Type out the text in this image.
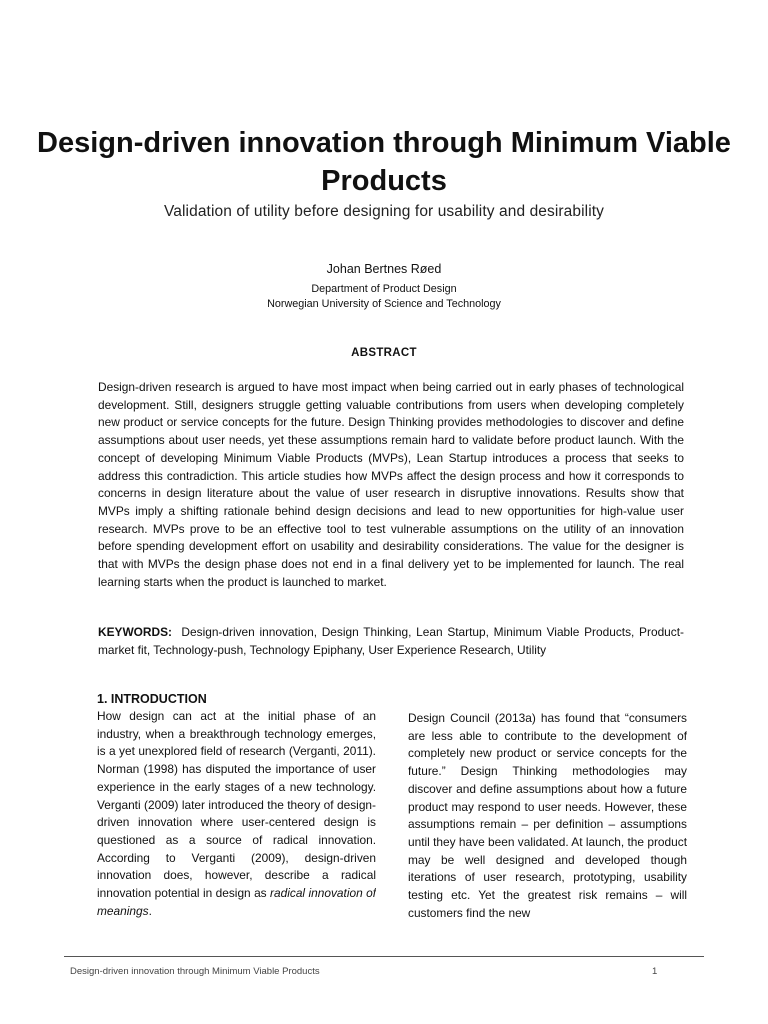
Design-driven innovation through Minimum Viable Products
Validation of utility before designing for usability and desirability
Johan Bertnes Røed
Department of Product Design
Norwegian University of Science and Technology
ABSTRACT
Design-driven research is argued to have most impact when being carried out in early phases of technological development. Still, designers struggle getting valuable contributions from users when developing completely new product or service concepts for the future. Design Thinking provides methodologies to discover and define assumptions about user needs, yet these assumptions remain hard to validate before product launch. With the concept of developing Minimum Viable Products (MVPs), Lean Startup introduces a process that seeks to address this contradiction. This article studies how MVPs affect the design process and how it corresponds to concerns in design literature about the value of user research in disruptive innovations. Results show that MVPs imply a shifting rationale behind design decisions and lead to new opportunities for high-value user research. MVPs prove to be an effective tool to test vulnerable assumptions on the utility of an innovation before spending development effort on usability and desirability considerations. The value for the designer is that with MVPs the design phase does not end in a final delivery yet to be implemented for launch. The real learning starts when the product is launched to market.
KEYWORDS: Design-driven innovation, Design Thinking, Lean Startup, Minimum Viable Products, Product-market fit, Technology-push, Technology Epiphany, User Experience Research, Utility
1. INTRODUCTION
How design can act at the initial phase of an industry, when a breakthrough technology emerges, is a yet unexplored field of research (Verganti, 2011). Norman (1998) has disputed the importance of user experience in the early stages of a new technology. Verganti (2009) later introduced the theory of design-driven innovation where user-centered design is questioned as a source of radical innovation. According to Verganti (2009), design-driven innovation does, however, describe a radical innovation potential in design as radical innovation of meanings.
Design Council (2013a) has found that “consumers are less able to contribute to the development of completely new product or service concepts for the future.” Design Thinking methodologies may discover and define assumptions about how a future product may respond to user needs. However, these assumptions remain – per definition – assumptions until they have been validated. At launch, the product may be well designed and developed though iterations of user research, prototyping, usability testing etc. Yet the greatest risk remains – will customers find the new
Design-driven innovation through Minimum Viable Products	1
